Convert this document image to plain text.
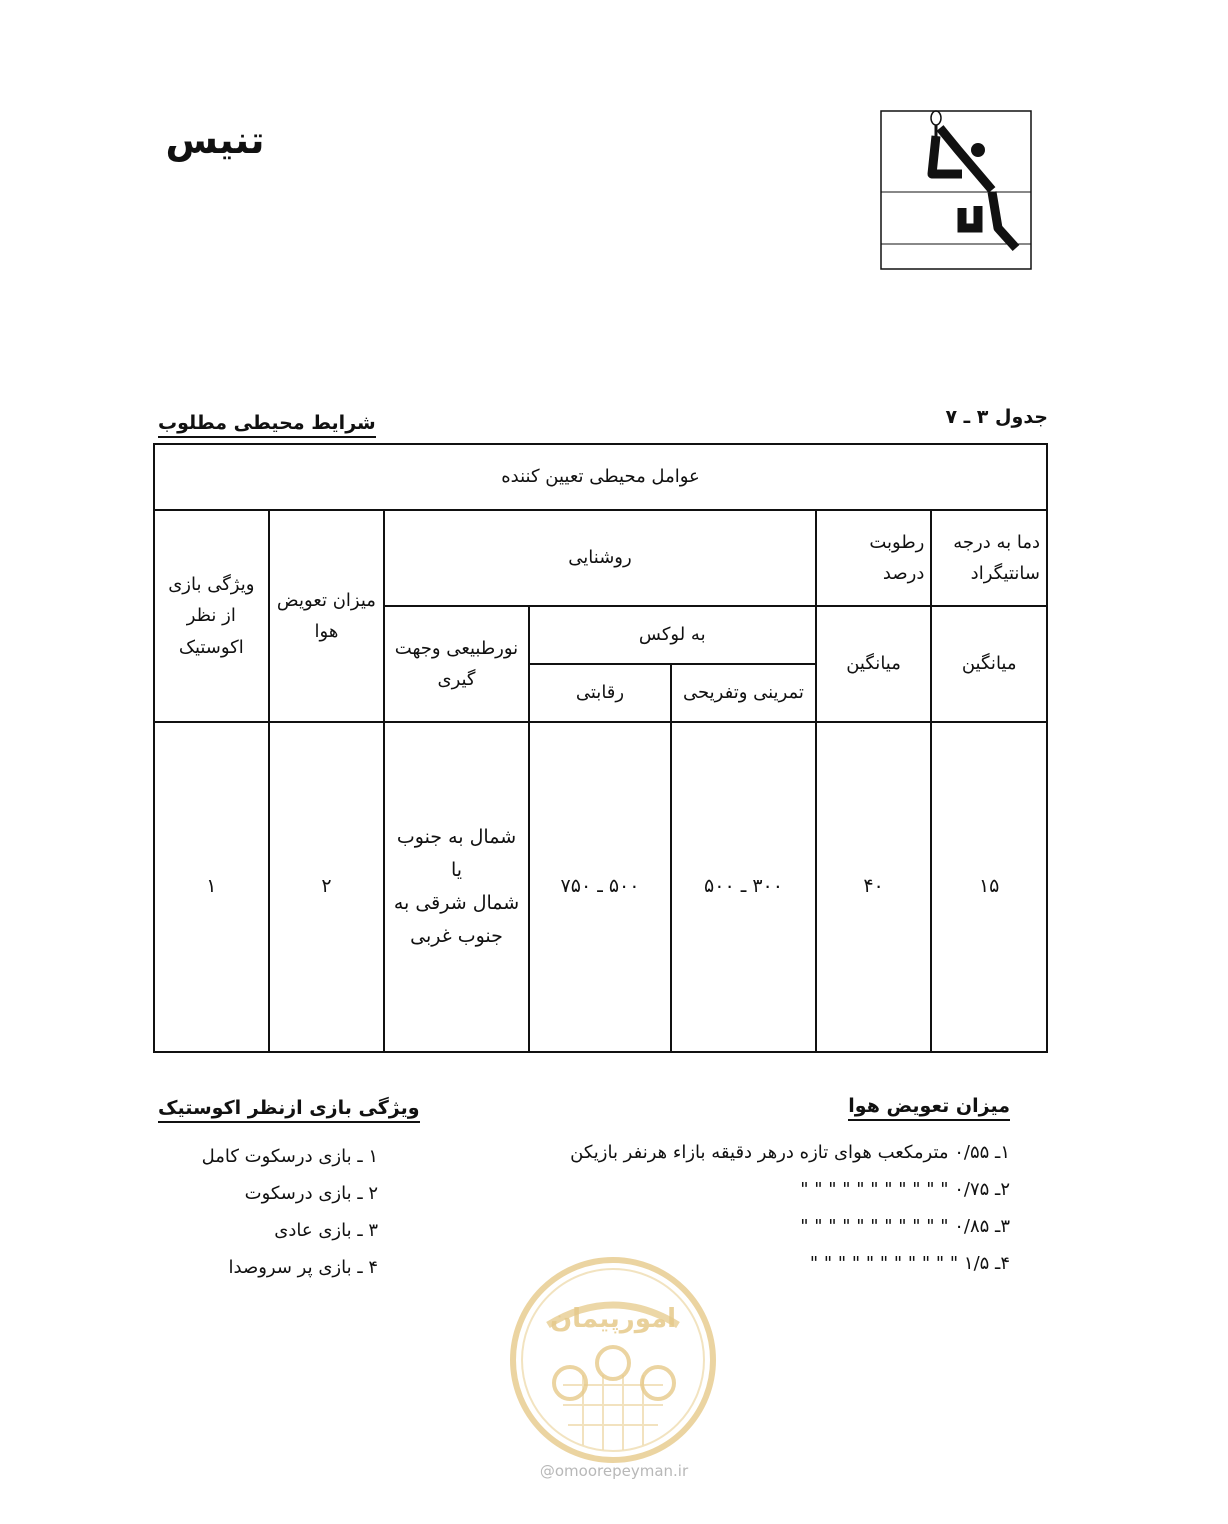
تنیس
جدول ۳ ـ ۷
شرایط محیطی مطلوب
عوامل محیطی تعیین کننده						
دما به درجه سانتیگراد	رطوبت درصد	روشنایی			میزان تعویض هوا	ویژگی بازی از نظر اکوستیک
میانگین	میانگین	به لوکس		نورطبیعی وجهت گیری		
		تمرینی وتفریحی	رقابتی			
۱۵	۴۰	۳۰۰ ـ ۵۰۰	۵۰۰ ـ ۷۵۰	شمال به جنوب
یا
شمال شرقی به
جنوب غربی	۲	۱
میزان تعویض هوا
۱ـ ۰/۵۵ مترمکعب هوای تازه درهر دقیقه بازاء هرنفر بازیکن
۲ـ ۰/۷۵ " " " " " " " " " " "
۳ـ ۰/۸۵ " " " " " " " " " " "
۴ـ ۱/۵ " " " " " " " " " " "
ویژگی بازی ازنظر اکوستیک
۱ ـ بازی درسکوت کامل
۲ ـ بازی درسکوت
۳ ـ بازی عادی
۴ ـ بازی پر سروصدا
امورپیمان
@omoorepeyman.ir
